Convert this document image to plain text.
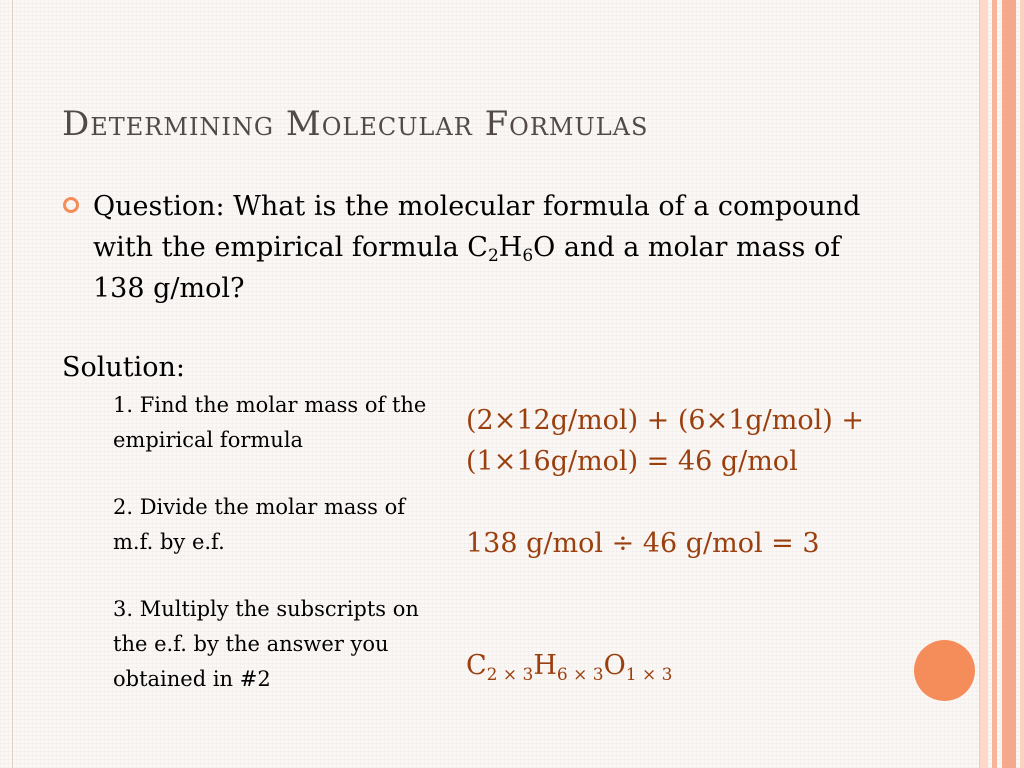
Determining Molecular Formulas

Question: What is the molecular formula of a compound with the empirical formula $C_2H_6O$ and a molar mass of 138 g/mol?

Solution:

1. Find the molar mass of the empirical formula

2. Divide the molar mass of m.f. by e.f.

3. Multiply the subscripts on the e.f. by the answer you obtained in #2

(2×12g/mol) + (6×1g/mol) + (1×16g/mol) = 46 g/mol

138 g/mol ÷ 46 g/mol = 3

$C_{2 \times 3}H_{6 \times 3}O_{1 \times 3}$
